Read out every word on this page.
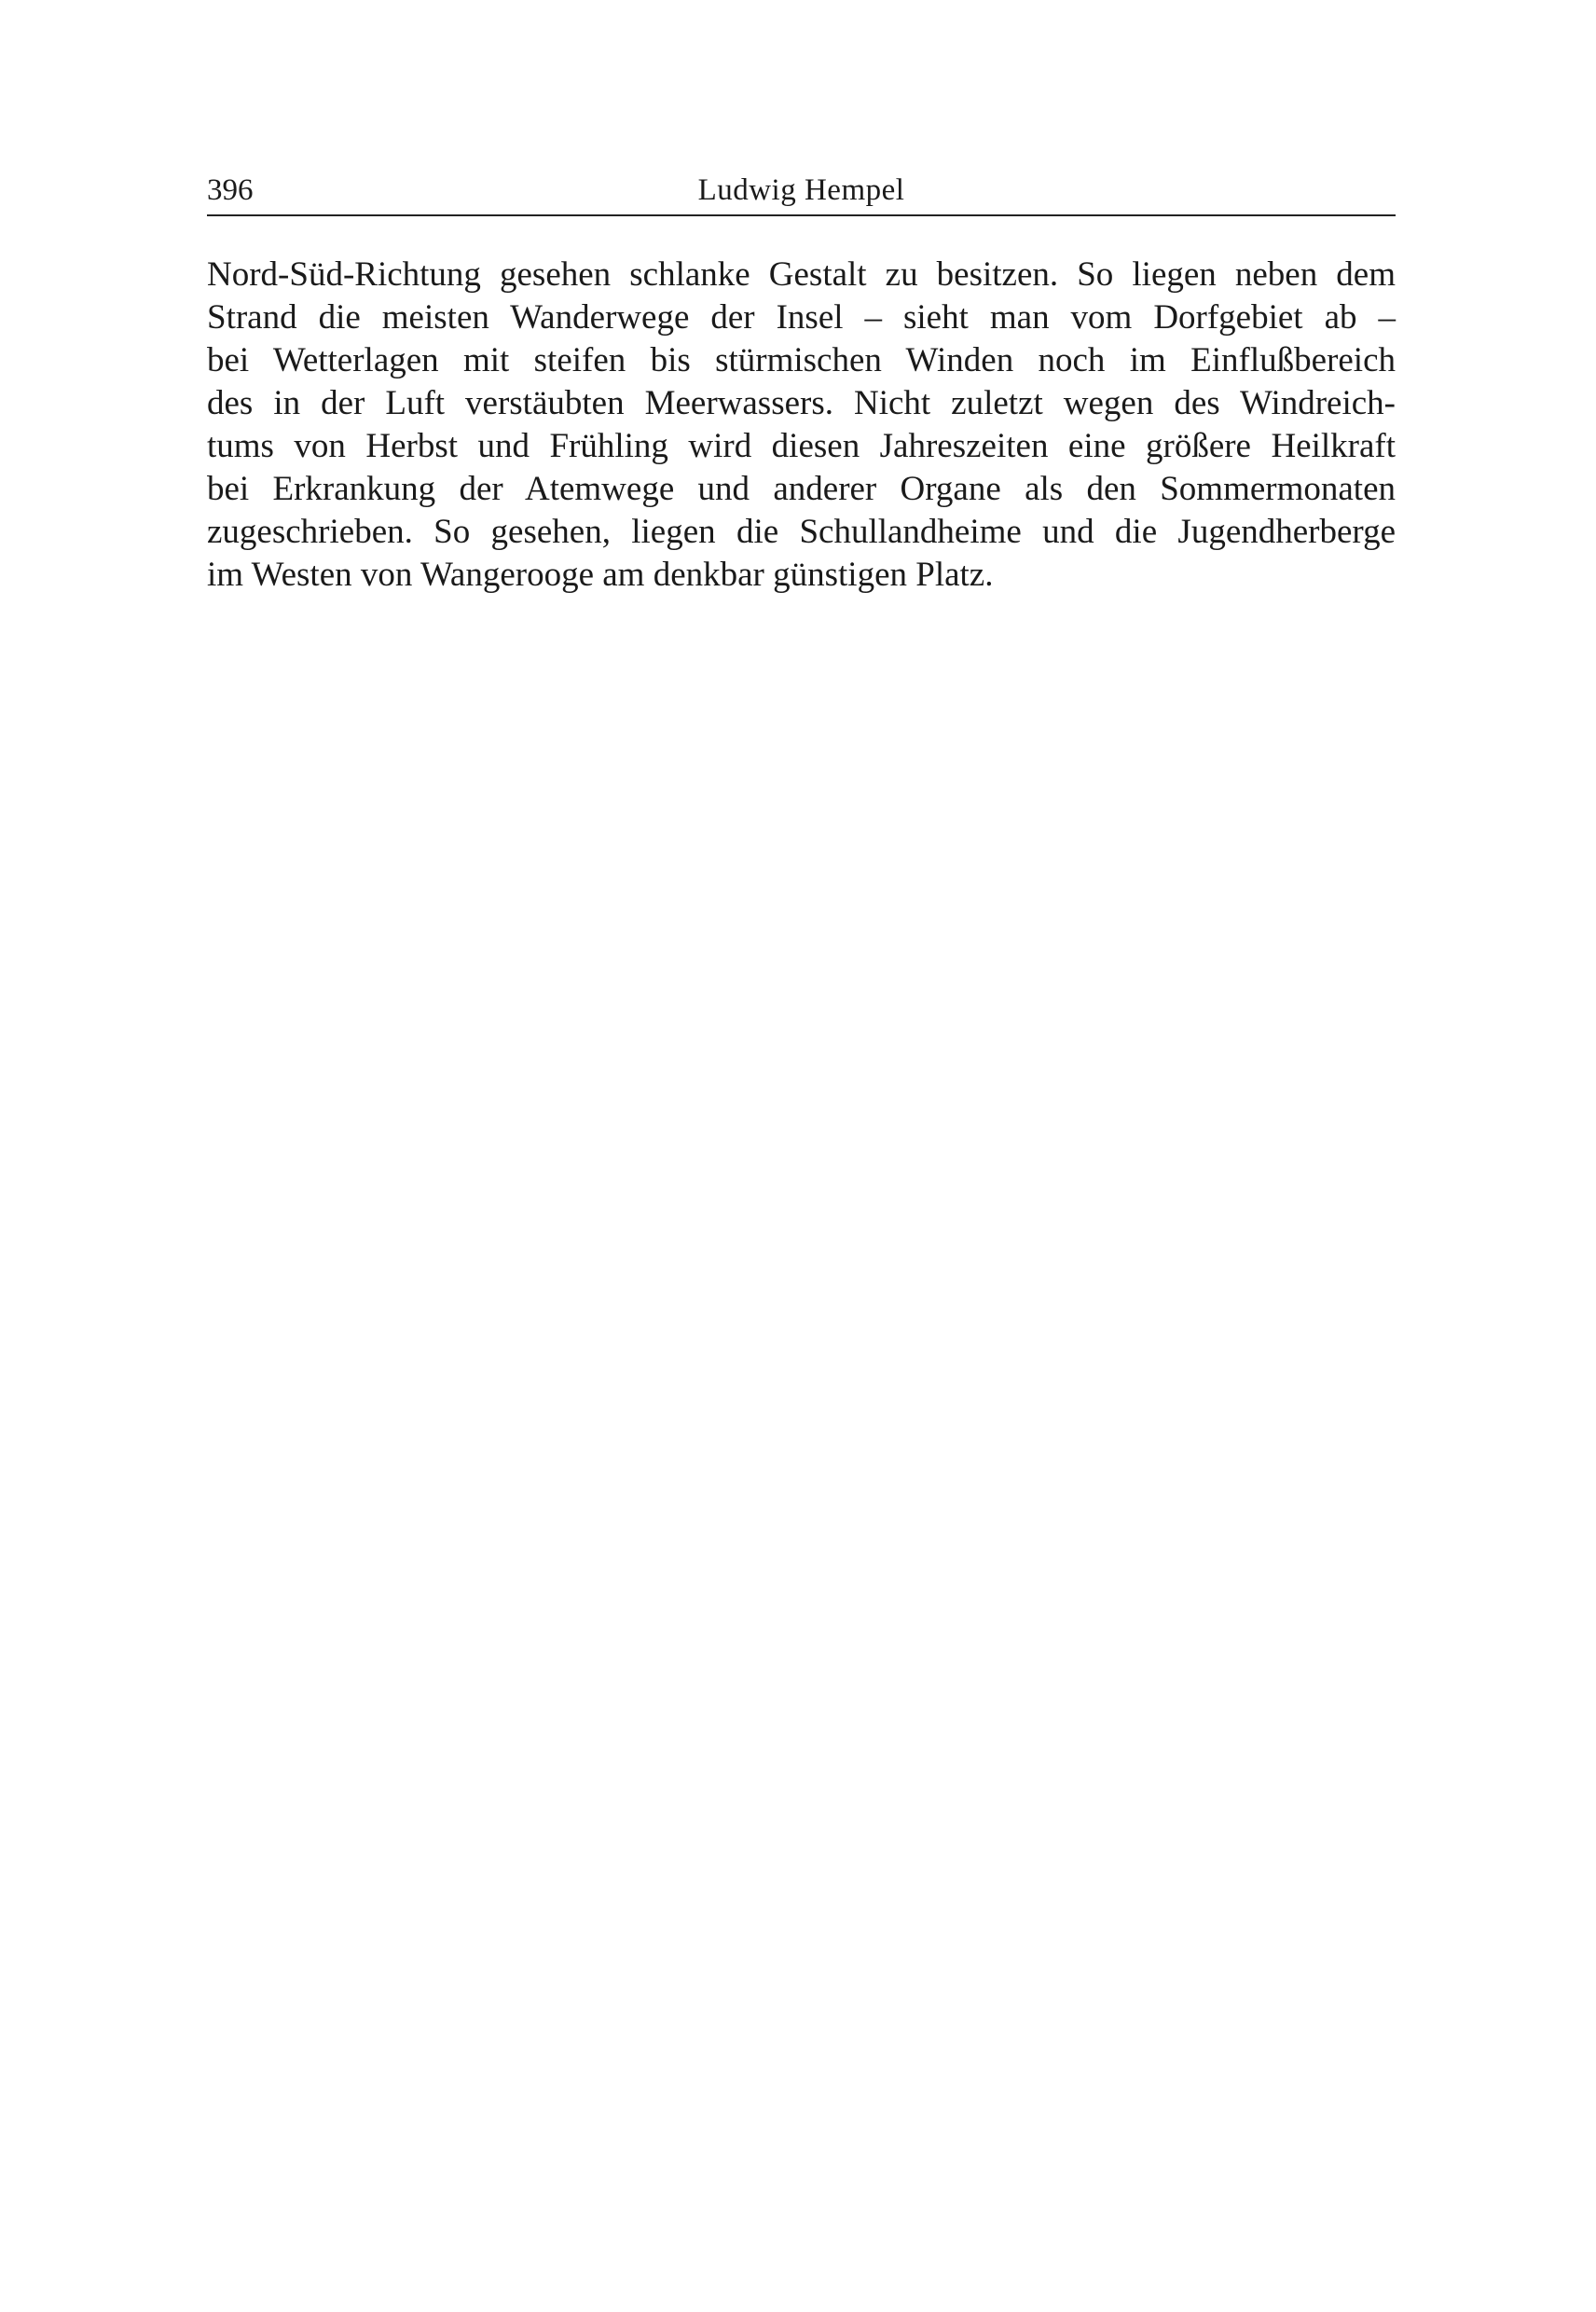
396	Ludwig Hempel
Nord-Süd-Richtung gesehen schlanke Gestalt zu besitzen. So liegen neben dem
Strand die meisten Wanderwege der Insel – sieht man vom Dorfgebiet ab –
bei Wetterlagen mit steifen bis stürmischen Winden noch im Einflußbereich
des in der Luft verstäubten Meerwassers. Nicht zuletzt wegen des Windreich-
tums von Herbst und Frühling wird diesen Jahreszeiten eine größere Heilkraft
bei Erkrankung der Atemwege und anderer Organe als den Sommermonaten
zugeschrieben. So gesehen, liegen die Schullandheime und die Jugendherberge
im Westen von Wangerooge am denkbar günstigen Platz.
